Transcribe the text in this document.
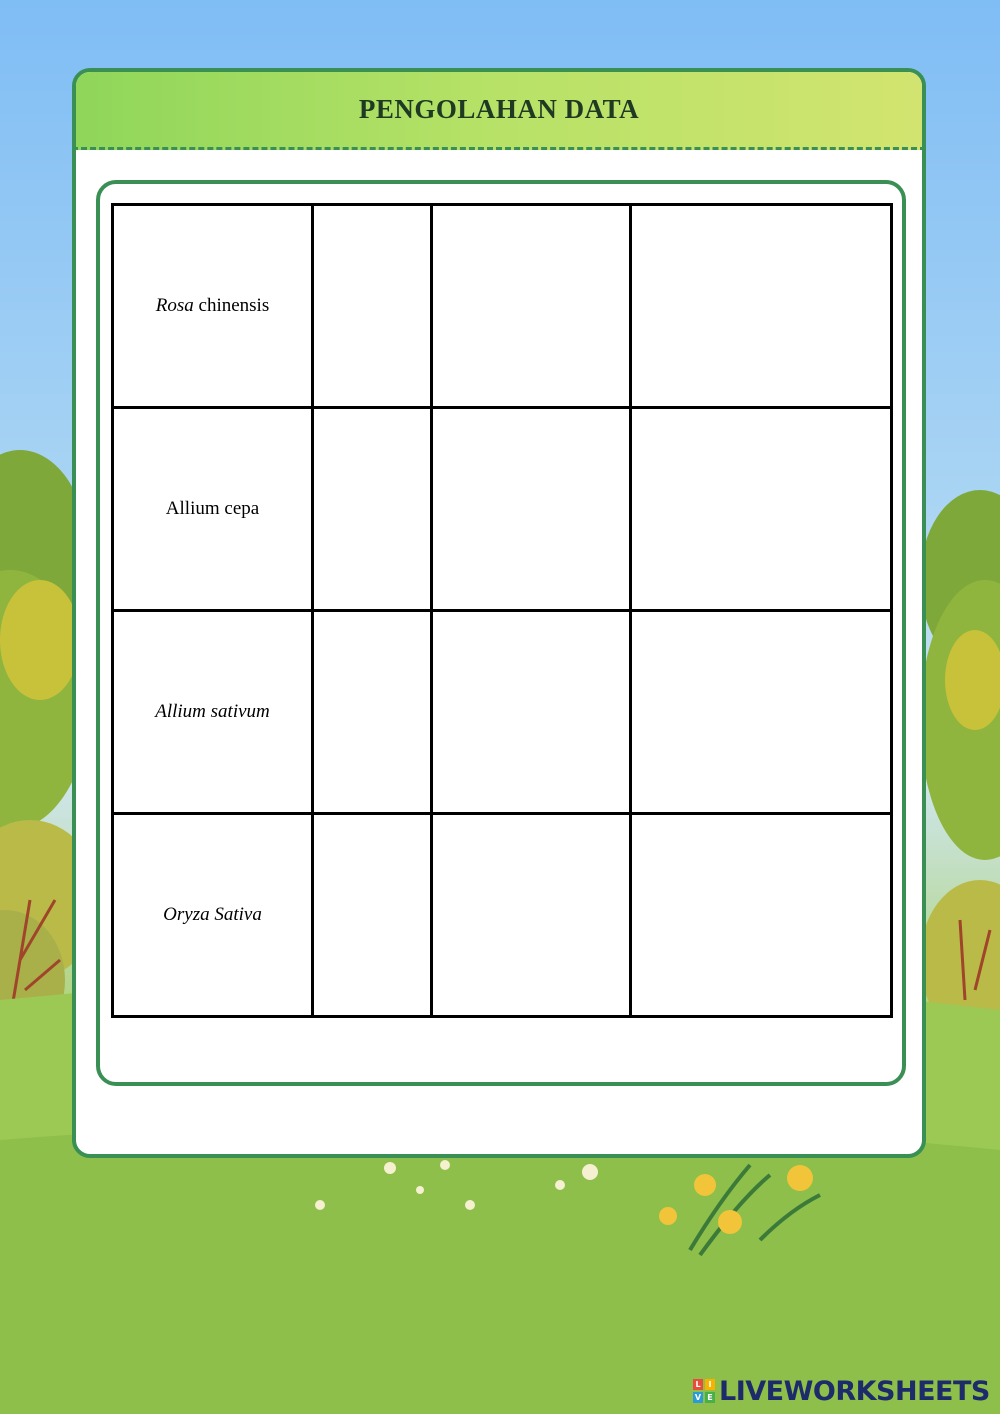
PENGOLAHAN DATA
Rosa chinensis			
Allium cepa			
Allium sativum			
Oryza Sativa			
L I
V E LIVEWORKSHEETS
